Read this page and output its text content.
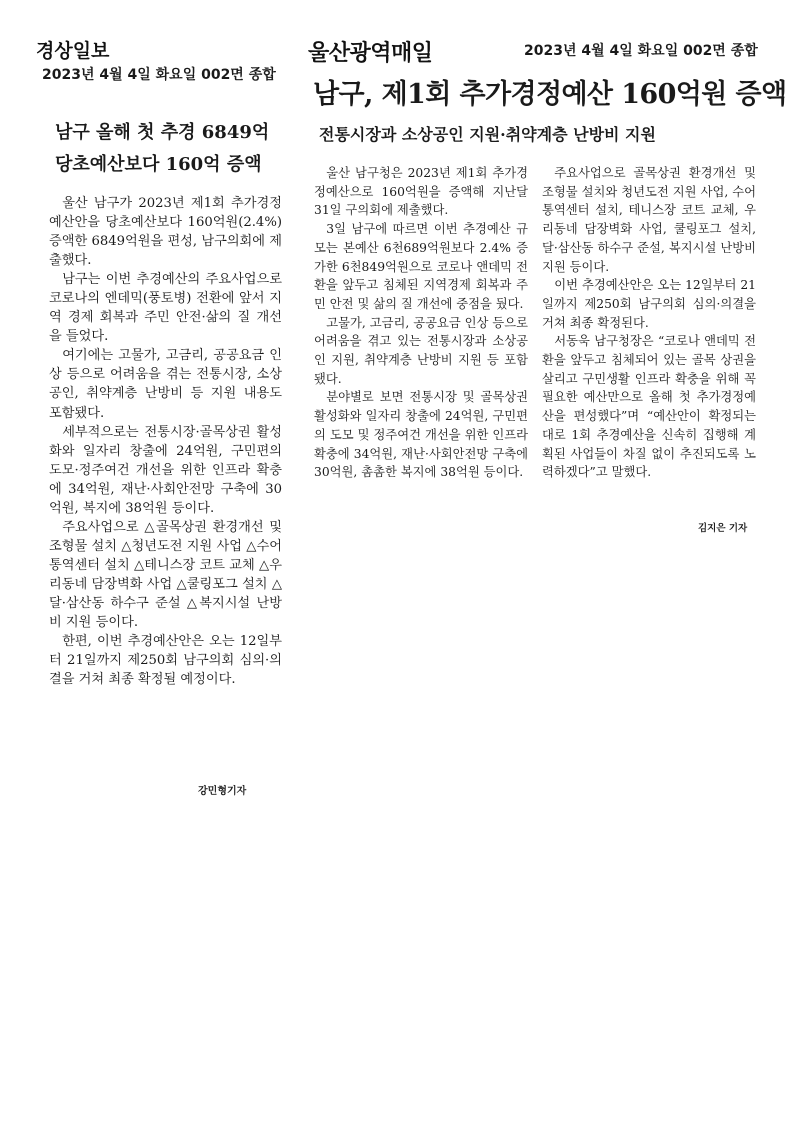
경상일보
2023년 4월 4일 화요일 002면 종합
남구 올해 첫 추경 6849억
당초예산보다 160억 증액

울산 남구가 2023년 제1회 추가경정예산안을 당초예산보다 160억원(2.4%) 증액한 6849억원을 편성, 남구의회에 제출했다.

남구는 이번 추경예산의 주요사업으로 코로나의 엔데믹(풍토병) 전환에 앞서 지역 경제 회복과 주민 안전·삶의 질 개선을 들었다.

여기에는 고물가, 고금리, 공공요금 인상 등으로 어려움을 겪는 전통시장, 소상공인, 취약계층 난방비 등 지원 내용도 포함됐다.

세부적으로는 전통시장·골목상권 활성화와 일자리 창출에 24억원, 구민편의 도모·정주여건 개선을 위한 인프라 확충에 34억원, 재난·사회안전망 구축에 30억원, 복지에 38억원 등이다.

주요사업으로 △골목상권 환경개선 및 조형물 설치 △청년도전 지원 사업 △수어통역센터 설치 △테니스장 코트 교체 △우리동네 담장벽화 사업 △쿨링포그 설치 △달·삼산동 하수구 준설 △복지시설 난방비 지원 등이다.

한편, 이번 추경예산안은 오는 12일부터 21일까지 제250회 남구의회 심의·의결을 거쳐 최종 확정될 예정이다.

강민형기자
울산광역매일	2023년 4월 4일 화요일 002면 종합
남구, 제1회 추가경정예산 160억원 증액
전통시장과 소상공인 지원·취약계층 난방비 지원

울산 남구청은 2023년 제1회 추가경정예산으로 160억원을 증액해 지난달 31일 구의회에 제출했다.

3일 남구에 따르면 이번 추경예산 규모는 본예산 6천689억원보다 2.4% 증가한 6천849억원으로 코로나 앤데믹 전환을 앞두고 침체된 지역경제 회복과 주민 안전 및 삶의 질 개선에 중점을 뒀다.

고물가, 고금리, 공공요금 인상 등으로 어려움을 겪고 있는 전통시장과 소상공인 지원, 취약계층 난방비 지원 등 포함됐다.

분야별로 보면 전통시장 및 골목상권 활성화와 일자리 창출에 24억원, 구민편의 도모 및 정주여건 개선을 위한 인프라 확충에 34억원, 재난·사회안전망 구축에 30억원, 촘촘한 복지에 38억원 등이다.

주요사업으로 골목상권 환경개선 및 조형물 설치와 청년도전 지원 사업, 수어통역센터 설치, 테니스장 코트 교체, 우리동네 담장벽화 사업, 쿨링포그 설치, 달·삼산동 하수구 준설, 복지시설 난방비 지원 등이다.

이번 추경예산안은 오는 12일부터 21일까지 제250회 남구의회 심의·의결을 거쳐 최종 확정된다.

서동욱 남구청장은 “코로나 앤데믹 전환을 앞두고 침체되어 있는 골목 상권을 살리고 구민생활 인프라 확충을 위해 꼭 필요한 예산만으로 올해 첫 추가경정예산을 편성했다”며 “예산안이 확정되는 대로 1회 추경예산을 신속히 집행해 계획된 사업들이 차질 없이 추진되도록 노력하겠다”고 말했다.

김지은 기자
